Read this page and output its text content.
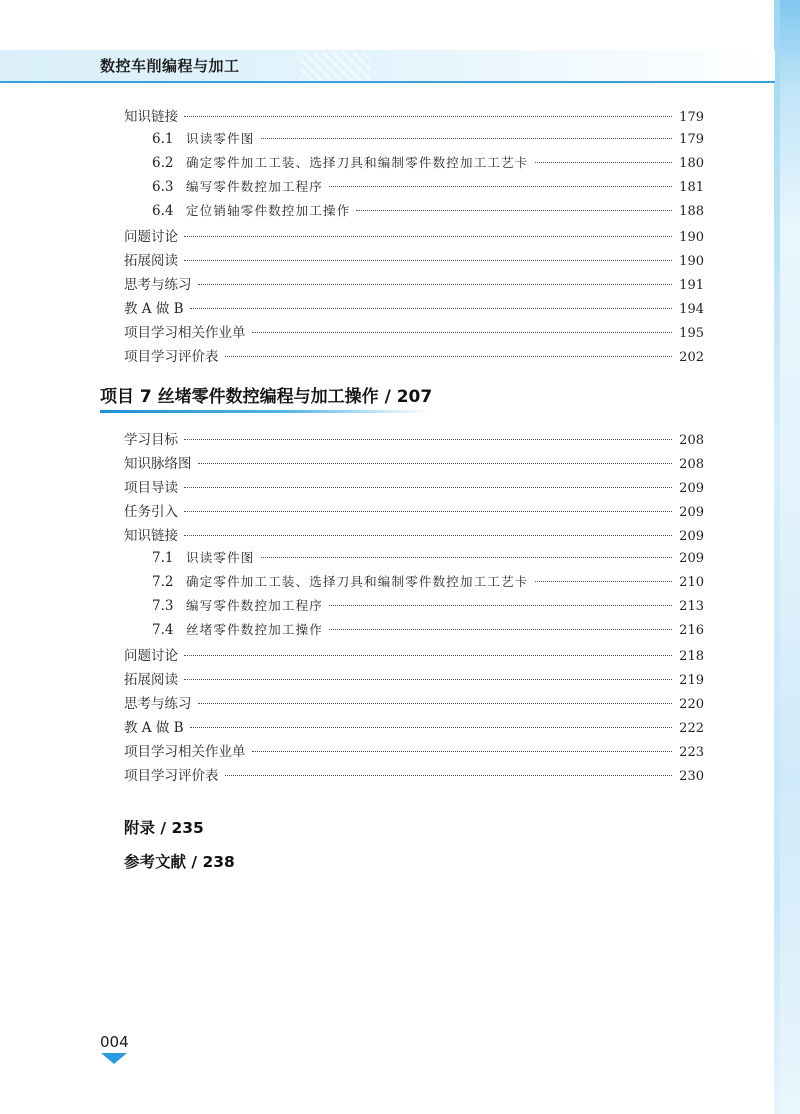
数控车削编程与加工
知识链接	179
6.1	识读零件图	179
6.2	确定零件加工工装、选择刀具和编制零件数控加工工艺卡	180
6.3	编写零件数控加工程序	181
6.4	定位销轴零件数控加工操作	188
问题讨论	190
拓展阅读	190
思考与练习	191
教 A 做 B	194
项目学习相关作业单	195
项目学习评价表	202
项目 7 丝堵零件数控编程与加工操作 / 207
学习目标	208
知识脉络图	208
项目导读	209
任务引入	209
知识链接	209
7.1	识读零件图	209
7.2	确定零件加工工装、选择刀具和编制零件数控加工工艺卡	210
7.3	编写零件数控加工程序	213
7.4	丝堵零件数控加工操作	216
问题讨论	218
拓展阅读	219
思考与练习	220
教 A 做 B	222
项目学习相关作业单	223
项目学习评价表	230
附录 / 235
参考文献 / 238
004
